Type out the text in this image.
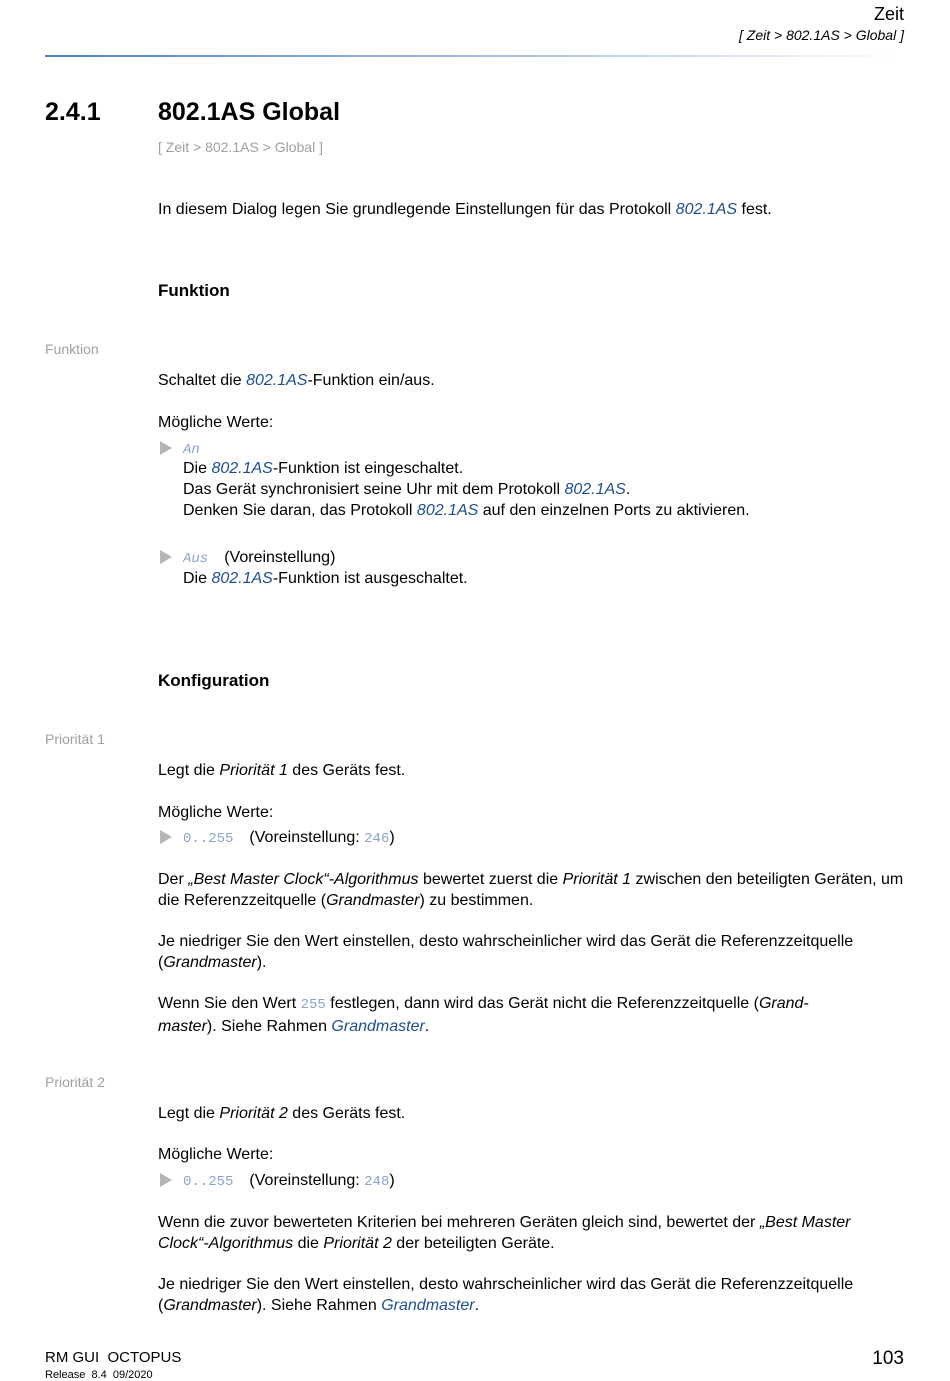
Zeit
[ Zeit > 802.1AS > Global ]
2.4.1 802.1AS Global
[ Zeit > 802.1AS > Global ]
In diesem Dialog legen Sie grundlegende Einstellungen für das Protokoll 802.1AS fest.
Funktion
Funktion
Schaltet die 802.1AS-Funktion ein/aus.
Mögliche Werte:
An
Die 802.1AS-Funktion ist eingeschaltet.
Das Gerät synchronisiert seine Uhr mit dem Protokoll 802.1AS.
Denken Sie daran, das Protokoll 802.1AS auf den einzelnen Ports zu aktivieren.
Aus (Voreinstellung)
Die 802.1AS-Funktion ist ausgeschaltet.
Konfiguration
Priorität 1
Legt die Priorität 1 des Geräts fest.
Mögliche Werte:
0..255 (Voreinstellung: 246)
Der „Best Master Clock“-Algorithmus bewertet zuerst die Priorität 1 zwischen den beteiligten Geräten, um die Referenzzeitquelle (Grandmaster) zu bestimmen.
Je niedriger Sie den Wert einstellen, desto wahrscheinlicher wird das Gerät die Referenzzeitquelle (Grandmaster).
Wenn Sie den Wert 255 festlegen, dann wird das Gerät nicht die Referenzzeitquelle (Grand-
master). Siehe Rahmen Grandmaster.
Priorität 2
Legt die Priorität 2 des Geräts fest.
Mögliche Werte:
0..255 (Voreinstellung: 248)
Wenn die zuvor bewerteten Kriterien bei mehreren Geräten gleich sind, bewertet der „Best Master
Clock“-Algorithmus die Priorität 2 der beteiligten Geräte.
Je niedriger Sie den Wert einstellen, desto wahrscheinlicher wird das Gerät die Referenzzeitquelle (Grandmaster). Siehe Rahmen Grandmaster.
RM GUI  OCTOPUS
Release  8.4  09/2020
103
